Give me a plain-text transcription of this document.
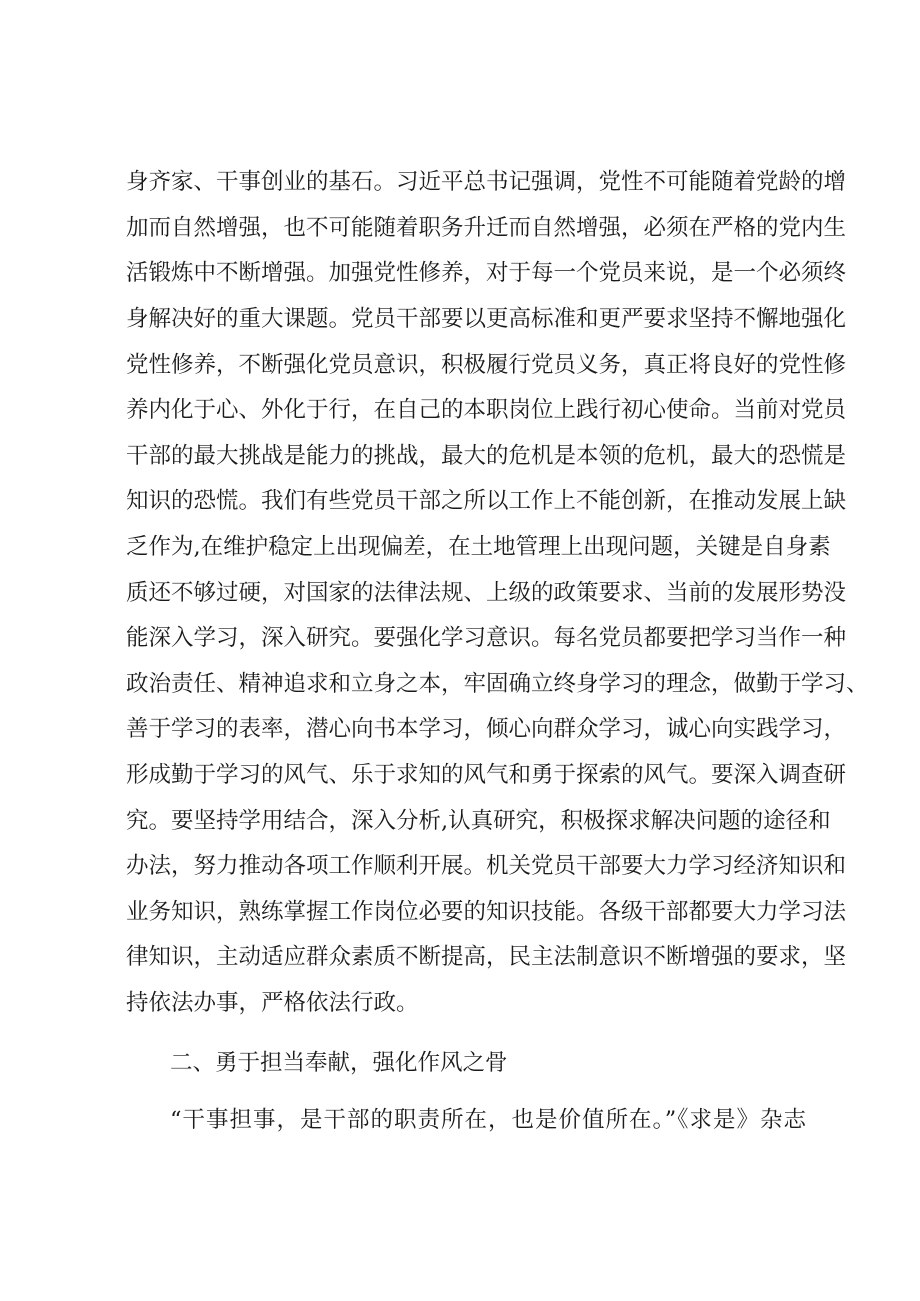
身齐家、干事创业的基石。习近平总书记强调，党性不可能随着党龄的增
加而自然增强，也不可能随着职务升迁而自然增强，必须在严格的党内生
活锻炼中不断增强。加强党性修养，对于每一个党员来说，是一个必须终
身解决好的重大课题。党员干部要以更高标准和更严要求坚持不懈地强化
党性修养，不断强化党员意识，积极履行党员义务，真正将良好的党性修
养内化于心、外化于行，在自己的本职岗位上践行初心使命。当前对党员
干部的最大挑战是能力的挑战，最大的危机是本领的危机，最大的恐慌是
知识的恐慌。我们有些党员干部之所以工作上不能创新，在推动发展上缺
乏作为,在维护稳定上出现偏差，在土地管理上出现问题，关键是自身素
质还不够过硬，对国家的法律法规、上级的政策要求、当前的发展形势没
能深入学习，深入研究。要强化学习意识。每名党员都要把学习当作一种
政治责任、精神追求和立身之本，牢固确立终身学习的理念，做勤于学习、
善于学习的表率，潜心向书本学习，倾心向群众学习，诚心向实践学习，
形成勤于学习的风气、乐于求知的风气和勇于探索的风气。要深入调查研
究。要坚持学用结合，深入分析,认真研究，积极探求解决问题的途径和
办法，努力推动各项工作顺利开展。机关党员干部要大力学习经济知识和
业务知识，熟练掌握工作岗位必要的知识技能。各级干部都要大力学习法
律知识，主动适应群众素质不断提高，民主法制意识不断增强的要求，坚
持依法办事，严格依法行政。
二、勇于担当奉献，强化作风之骨
“干事担事，是干部的职责所在，也是价值所在。”《求是》杂志
